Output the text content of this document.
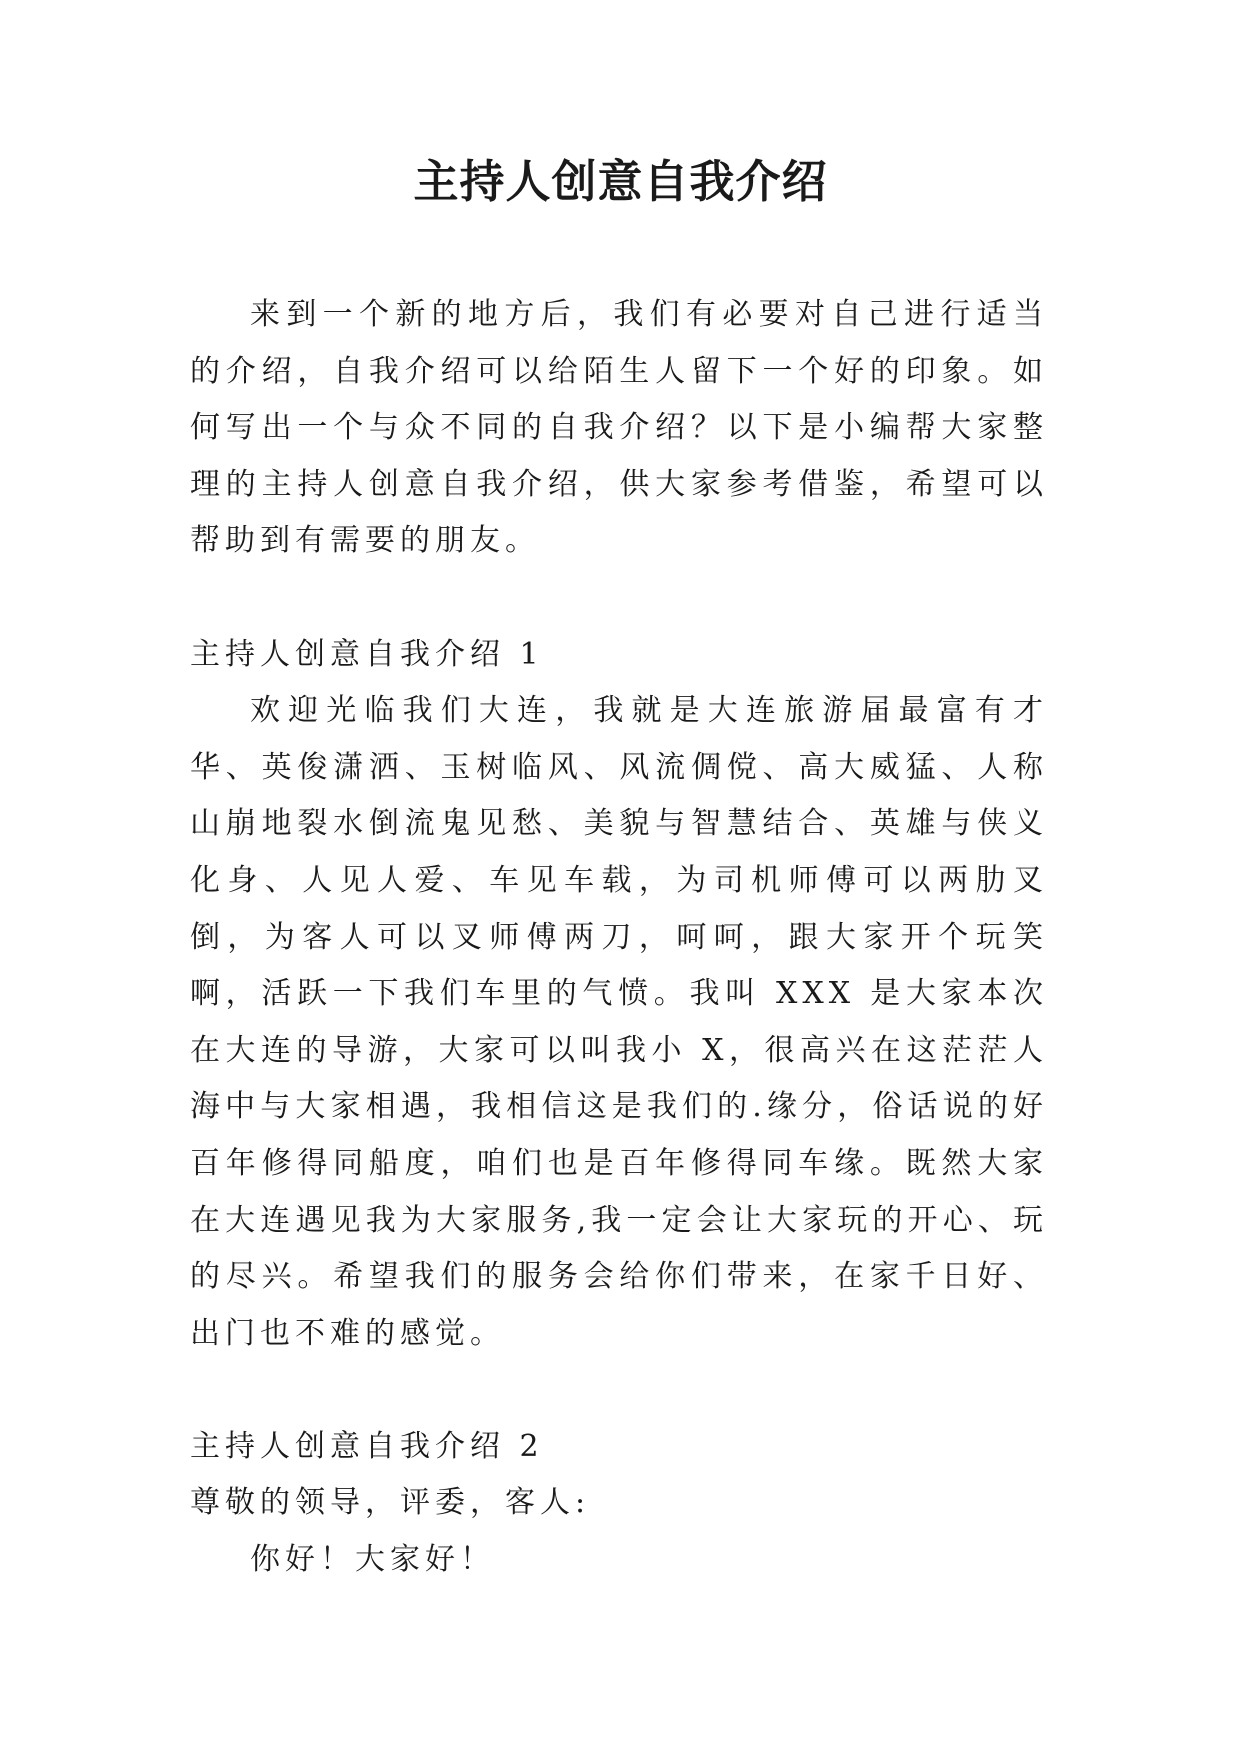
主持人创意自我介绍

来到一个新的地方后，我们有必要对自己进行适当的介绍，自我介绍可以给陌生人留下一个好的印象。如何写出一个与众不同的自我介绍？以下是小编帮大家整理的主持人创意自我介绍，供大家参考借鉴，希望可以帮助到有需要的朋友。

主持人创意自我介绍 1

欢迎光临我们大连，我就是大连旅游届最富有才华、英俊潇洒、玉树临风、风流倜傥、高大威猛、人称山崩地裂水倒流鬼见愁、美貌与智慧结合、英雄与侠义化身、人见人爱、车见车载，为司机师傅可以两肋叉倒，为客人可以叉师傅两刀，呵呵，跟大家开个玩笑啊，活跃一下我们车里的气愤。我叫 XXX 是大家本次在大连的导游，大家可以叫我小 X，很高兴在这茫茫人海中与大家相遇，我相信这是我们的.缘分，俗话说的好百年修得同船度，咱们也是百年修得同车缘。既然大家在大连遇见我为大家服务,我一定会让大家玩的开心、玩的尽兴。希望我们的服务会给你们带来，在家千日好、出门也不难的感觉。

主持人创意自我介绍 2

尊敬的领导，评委，客人:

你好！大家好！
